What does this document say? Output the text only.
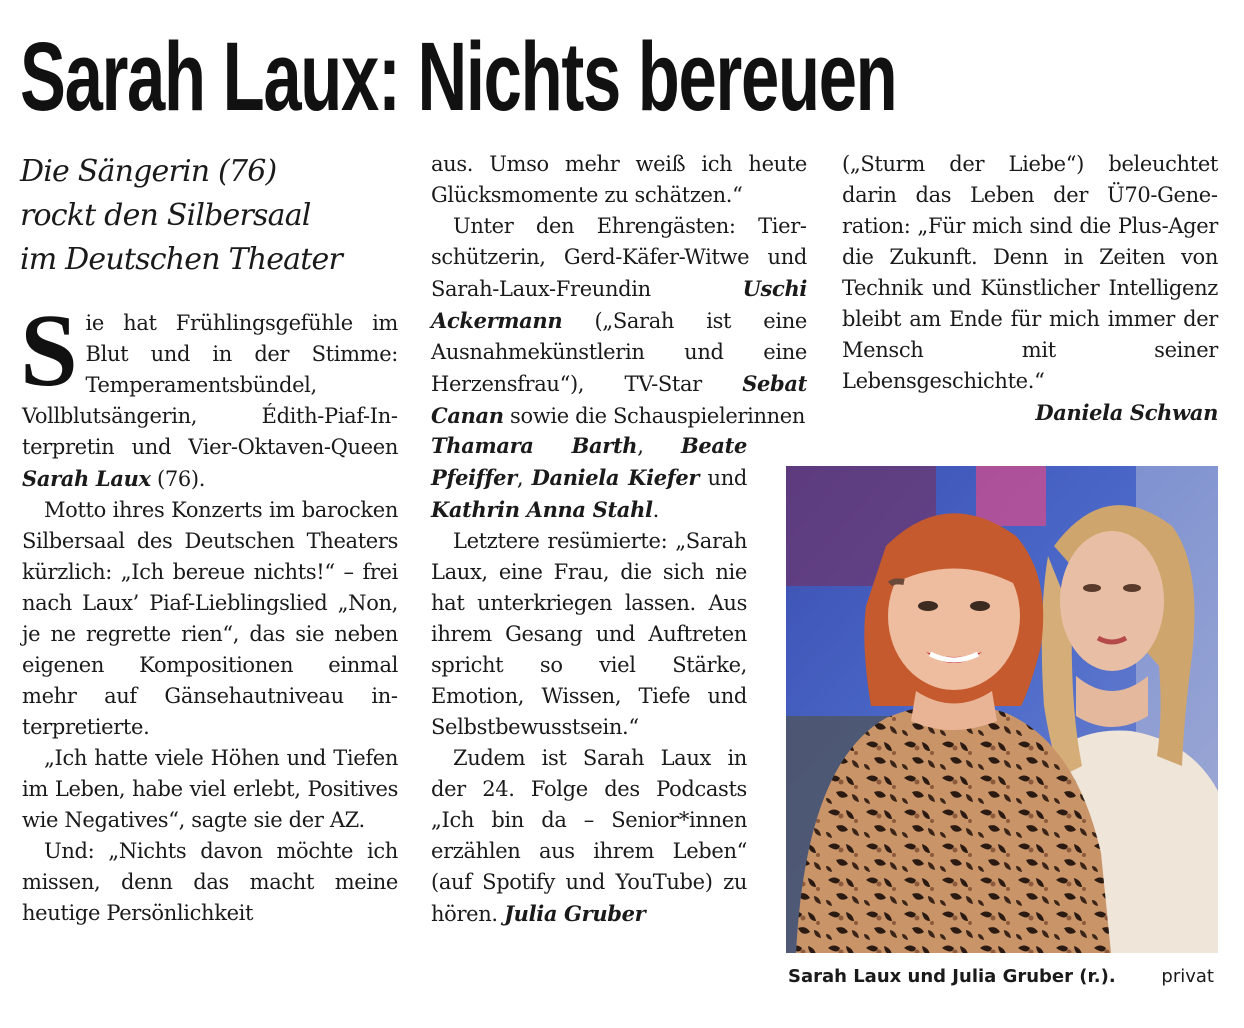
Sarah Laux: Nichts bereuen
Die Sängerin (76)
rockt den Silbersaal
im Deutschen Theater

Sie hat Frühlingsgefühle im Blut und in der Stimme: Temperamentsbündel, Vollblutsängerin, Édith-Piaf-Interpretin und Vier-Oktaven-Queen Sarah Laux (76).

Motto ihres Konzerts im barocken Silbersaal des Deutschen Theaters kürzlich: „Ich bereue nichts!“ – frei nach Laux’ Piaf-Lieblingslied „Non, je ne regrette rien“, das sie neben eigenen Kompositionen einmal mehr auf Gänsehautniveau interpretierte.

„Ich hatte viele Höhen und Tiefen im Leben, habe viel erlebt, Positives wie Negatives“, sagte sie der AZ.

Und: „Nichts davon möchte ich missen, denn das macht meine heutige Persönlichkeit

aus. Umso mehr weiß ich heute Glücksmomente zu schätzen.“

Unter den Ehrengästen: Tierschützerin, Gerd-Käfer-Witwe und Sarah-Laux-Freundin Uschi Ackermann („Sarah ist eine Ausnahmekünstlerin und eine Herzensfrau“), TV-Star Sebat Canan sowie die Schauspielerinnen

Thamara Barth, Beate Pfeiffer, Daniela Kiefer und Kathrin Anna Stahl.

Letztere resümierte: „Sarah Laux, eine Frau, die sich nie hat unterkriegen lassen. Aus ihrem Gesang und Auftreten spricht so viel Stärke, Emotion, Wissen, Tiefe und Selbstbewusstsein.“

Zudem ist Sarah Laux in der 24. Folge des Podcasts „Ich bin da – Senior*innen erzählen aus ihrem Leben“ (auf Spotify und YouTube) zu hören. Julia Gruber

(„Sturm der Liebe“) beleuchtet darin das Leben der Ü70-Generation: „Für mich sind die Plus-Ager die Zukunft. Denn in Zeiten von Technik und Künstlicher Intelligenz bleibt am Ende für mich immer der Mensch mit seiner Lebensgeschichte.“

Daniela Schwan

Sarah Laux und Julia Gruber (r.).	privat
